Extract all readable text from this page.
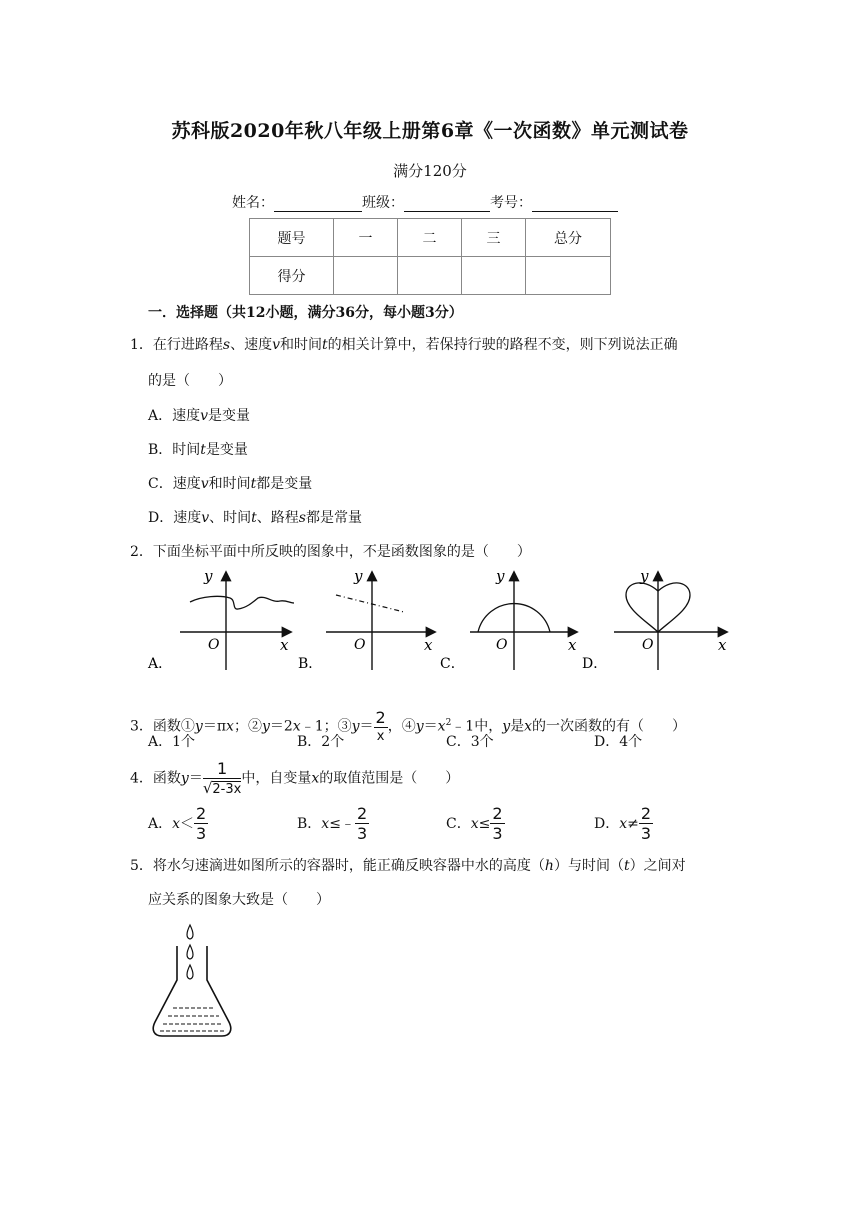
苏科版2020年秋八年级上册第6章《一次函数》单元测试卷
满分120分
姓名：	班级：	考号：
题号	一	二	三	总分
得分				
一．选择题（共12小题，满分36分，每小题3分）
1．在行进路程s、速度v和时间t的相关计算中，若保持行驶的路程不变，则下列说法正确
的是（　　）
A．速度v是变量
B．时间t是变量
C．速度v和时间t都是变量
D．速度v、时间t、路程s都是常量
2．下面坐标平面中所反映的图象中，不是函数图象的是（　　）
y
x
O
A．
y
x
O
B．
y
x
O
C．
y
x
O
D．
3．函数①y＝πx；②y＝2x﹣1；③y＝ $\frac{2}{x}$ ，$④y=x^2﹣1$中，y是x的一次函数的有（　　）
A．1个	B．2个	C．3个	D．4个
4．函数$y= \frac{1}{√2-3x}$ 中，自变量x的取值范围是（　　）
A．$x< \frac{2}{3}$	B．x≤﹣ $\frac{2}{3}$	C．$x\le \frac{2}{3}$	D．$x\ne \frac{2}{3}$
5．将水匀速滴进如图所示的容器时，能正确反映容器中水的高度（h）与时间（t）之间对
应关系的图象大致是（　　）
